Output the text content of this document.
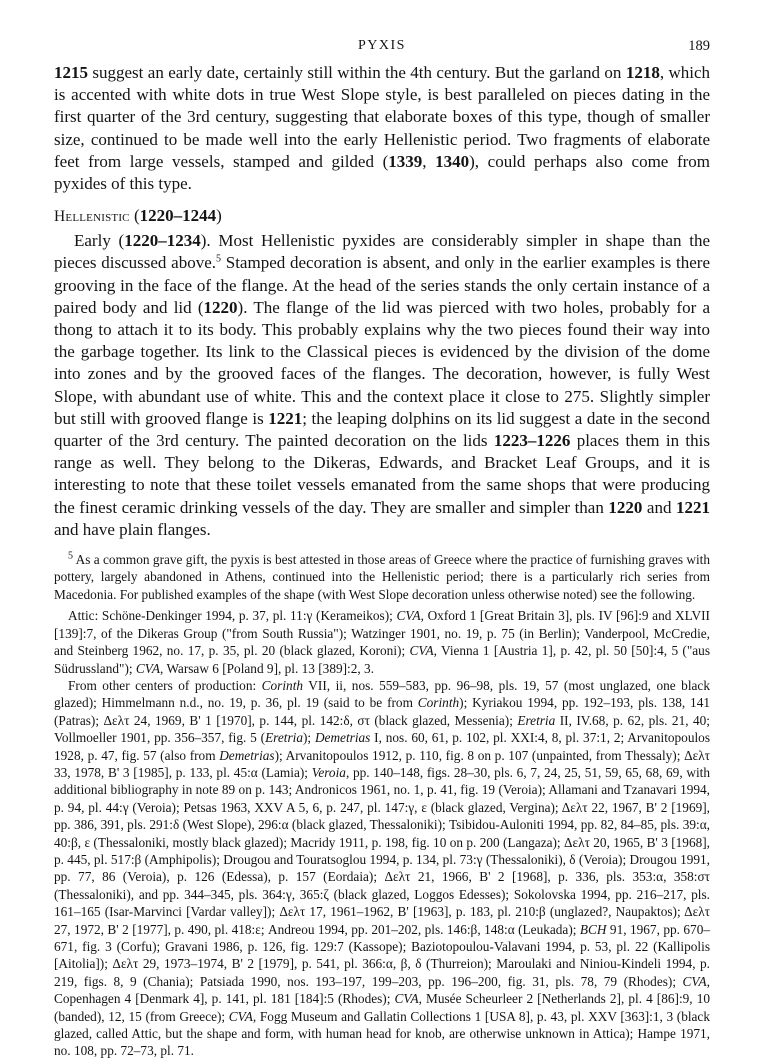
PYXIS	189

1215 suggest an early date, certainly still within the 4th century. But the garland on 1218, which is accented with white dots in true West Slope style, is best paralleled on pieces dating in the first quarter of the 3rd century, suggesting that elaborate boxes of this type, though of smaller size, continued to be made well into the early Hellenistic period. Two fragments of elaborate feet from large vessels, stamped and gilded (1339, 1340), could perhaps also come from pyxides of this type.

Hellenistic (1220–1244)

Early (1220–1234). Most Hellenistic pyxides are considerably simpler in shape than the pieces discussed above.$^5$ Stamped decoration is absent, and only in the earlier examples is there grooving in the face of the flange. At the head of the series stands the only certain instance of a paired body and lid (1220). The flange of the lid was pierced with two holes, probably for a thong to attach it to its body. This probably explains why the two pieces found their way into the garbage together. Its link to the Classical pieces is evidenced by the division of the dome into zones and by the grooved faces of the flanges. The decoration, however, is fully West Slope, with abundant use of white. This and the context place it close to 275. Slightly simpler but still with grooved flange is 1221; the leaping dolphins on its lid suggest a date in the second quarter of the 3rd century. The painted decoration on the lids 1223–1226 places them in this range as well. They belong to the Dikeras, Edwards, and Bracket Leaf Groups, and it is interesting to note that these toilet vessels emanated from the same shops that were producing the finest ceramic drinking vessels of the day. They are smaller and simpler than 1220 and 1221 and have plain flanges.

$^5$ As a common grave gift, the pyxis is best attested in those areas of Greece where the practice of furnishing graves with pottery, largely abandoned in Athens, continued into the Hellenistic period; there is a particularly rich series from Macedonia. For published examples of the shape (with West Slope decoration unless otherwise noted) see the following.

Attic: Schöne-Denkinger 1994, p. 37, pl. 11:γ (Kerameikos); CVA, Oxford 1 [Great Britain 3], pls. IV [96]:9 and XLVII [139]:7, of the Dikeras Group ("from South Russia"); Watzinger 1901, no. 19, p. 75 (in Berlin); Vanderpool, McCredie, and Steinberg 1962, no. 17, p. 35, pl. 20 (black glazed, Koroni); CVA, Vienna 1 [Austria 1], p. 42, pl. 50 [50]:4, 5 ("aus Südrussland"); CVA, Warsaw 6 [Poland 9], pl. 13 [389]:2, 3.

From other centers of production: Corinth VII, ii, nos. 559–583, pp. 96–98, pls. 19, 57 (most unglazed, one black glazed); Himmelmann n.d., no. 19, p. 36, pl. 19 (said to be from Corinth); Kyriakou 1994, pp. 192–193, pls. 138, 141 (Patras); Δελτ 24, 1969, Β' 1 [1970], p. 144, pl. 142:δ, στ (black glazed, Messenia); Eretria II, IV.68, p. 62, pls. 21, 40; Vollmoeller 1901, pp. 356–357, fig. 5 (Eretria); Demetrias I, nos. 60, 61, p. 102, pl. XXI:4, 8, pl. 37:1, 2; Arvanitopoulos 1928, p. 47, fig. 57 (also from Demetrias); Arvanitopoulos 1912, p. 110, fig. 8 on p. 107 (unpainted, from Thessaly); Δελτ 33, 1978, Β' 3 [1985], p. 133, pl. 45:α (Lamia); Veroia, pp. 140–148, figs. 28–30, pls. 6, 7, 24, 25, 51, 59, 65, 68, 69, with additional bibliography in note 89 on p. 143; Andronicos 1961, no. 1, p. 41, fig. 19 (Veroia); Allamani and Tzanavari 1994, p. 94, pl. 44:γ (Veroia); Petsas 1963, XXV A 5, 6, p. 247, pl. 147:γ, ε (black glazed, Vergina); Δελτ 22, 1967, Β' 2 [1969], pp. 386, 391, pls. 291:δ (West Slope), 296:α (black glazed, Thessaloniki); Tsibidou-Auloniti 1994, pp. 82, 84–85, pls. 39:α, 40:β, ε (Thessaloniki, mostly black glazed); Macridy 1911, p. 198, fig. 10 on p. 200 (Langaza); Δελτ 20, 1965, Β' 3 [1968], p. 445, pl. 517:β (Amphipolis); Drougou and Touratsoglou 1994, p. 134, pl. 73:γ (Thessaloniki), δ (Veroia); Drougou 1991, pp. 77, 86 (Veroia), p. 126 (Edessa), p. 157 (Eordaia); Δελτ 21, 1966, Β' 2 [1968], p. 336, pls. 353:α, 358:στ (Thessaloniki), and pp. 344–345, pls. 364:γ, 365:ζ (black glazed, Loggos Edesses); Sokolovska 1994, pp. 216–217, pls. 161–165 (Isar-Marvinci [Vardar valley]); Δελτ 17, 1961–1962, Β' [1963], p. 183, pl. 210:β (unglazed?, Naupaktos); Δελτ 27, 1972, Β' 2 [1977], p. 490, pl. 418:ε; Andreou 1994, pp. 201–202, pls. 146:β, 148:α (Leukada); BCH 91, 1967, pp. 670–671, fig. 3 (Corfu); Gravani 1986, p. 126, fig. 129:7 (Kassope); Baziotopoulou-Valavani 1994, p. 53, pl. 22 (Kallipolis [Aitolia]); Δελτ 29, 1973–1974, Β' 2 [1979], p. 541, pl. 366:α, β, δ (Thurreion); Maroulaki and Niniou-Kindeli 1994, p. 219, figs. 8, 9 (Chania); Patsiada 1990, nos. 193–197, 199–203, pp. 196–200, fig. 31, pls. 78, 79 (Rhodes); CVA, Copenhagen 4 [Denmark 4], p. 141, pl. 181 [184]:5 (Rhodes); CVA, Musée Scheurleer 2 [Netherlands 2], pl. 4 [86]:9, 10 (banded), 12, 15 (from Greece); CVA, Fogg Museum and Gallatin Collections 1 [USA 8], p. 43, pl. XXV [363]:1, 3 (black glazed, called Attic, but the shape and form, with human head for knob, are otherwise unknown in Attica); Hampe 1971, no. 108, pp. 72–73, pl. 71.
